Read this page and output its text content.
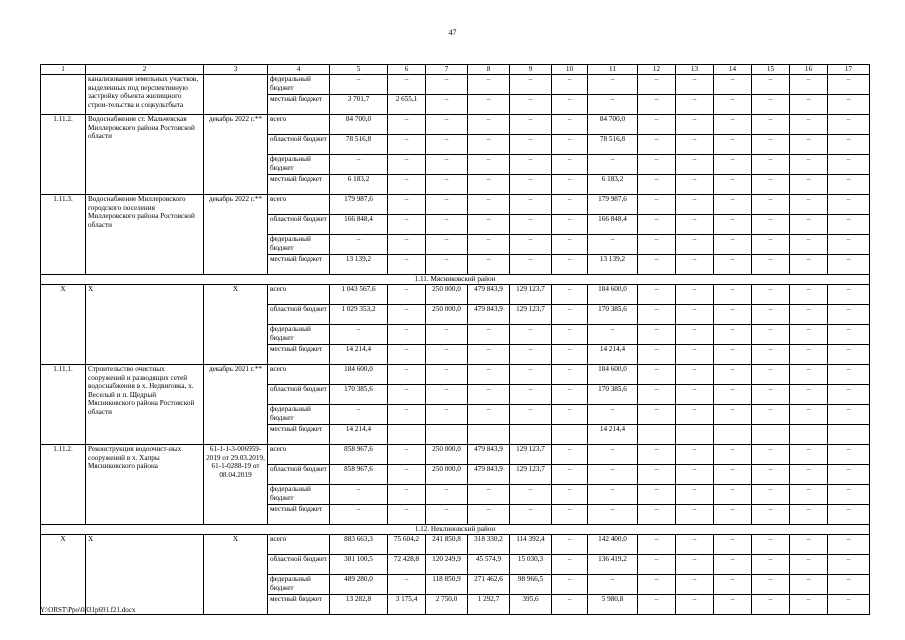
47
1	2	3	4	5	6	7	8	9	10	11	12	13	14	15	16	17
	канализования земельных участков, выделенных под перспективную застройку объекта жилищного строи-тельства и соцкультбыта		федеральный бюджет	–	–	–	–	–	–	–	–	–	–	–	–	–
			местный бюджет	3 701,7	2 655,1	–	–	–	–	–	–	–	–	–	–	–
1.11.2.	Водоснабжение ст. Мальчевская Миллеровского района Ростовской области	декабрь 2022 г.**	всего	84 700,0	–	–	–	–	–	84 700,0	–	–	–	–	–	–
			областной бюджет	78 516,8	–	–	–	–	–	78 516,8	–	–	–	–	–	–
			федеральный бюджет	–	–	–	–	–	–	–	–	–	–	–	–	–
			местный бюджет	6 183,2	–	–	–	–	–	6 183,2	–	–	–	–	–	–
1.11.3.	Водоснабжение Миллеровского городского поселения Миллеровского района Ростовской области	декабрь 2022 г.**	всего	179 987,6	–	–	–	–	–	179 987,6	–	–	–	–	–	–
			областной бюджет	166 848,4	–	–	–	–	–	166 848,4	–	–	–	–	–	–
			федеральный бюджет	–	–	–	–	–	–	–	–	–	–	–	–	–
			местный бюджет	13 139,2	–	–	–	–	–	13 139,2	–	–	–	–	–	–
1.11. Мясниковский район																
Х	Х	Х	всего	1 043 567,6	–	250 000,0	479 843,9	129 123,7	–	184 600,0	–	–	–	–	–	–
			областной бюджет	1 029 353,2	–	250 000,0	479 843,9	129 123,7	–	170 385,6	–	–	–	–	–	–
			федеральный бюджет	–	–	–	–	–	–	–	–	–	–	–	–	–
			местный бюджет	14 214,4	–	–	–	–	–	14 214,4	–	–	–	–	–	–
1.11.1.	Строительство очистных сооружений и разводящих сетей водоснабжения в х. Недвиговка, х. Веселый и п. Щедрый Мясниковского района Ростовской области	декабрь 2021 г.**	всего	184 600,0	–	–	–	–	–	184 600,0	–	–	–	–	–	–
			областной бюджет	170 385,6	–	–	–	–	–	170 385,6	–	–	–	–	–	–
			федеральный бюджет	–	–	–	–	–	–	–	–	–	–	–	–	–
			местный бюджет	14 214,4						14 214,4						
1.11.2.	Реконструкция водоочист-ных сооружений в х. Хапры Мясниковского района	61-1-1-3-006959-2019 от 29.03.2019, 61-1-0288-19 от 08.04.2019	всего	858 967,6	–	250 000,0	479 843,9	129 123,7	–	–	–	–	–	–	–	–
			областной бюджет	858 967,6	–	250 000,0	479 843,9	129 123,7	–	–	–	–	–	–	–	–
			федеральный бюджет	–	–	–	–	–	–	–	–	–	–	–	–	–
			местный бюджет	–	–	–	–	–	–	–	–	–	–	–	–	–
1.12. Неклиновский район																
Х	Х	Х	всего	883 663,3	75 604,2	241 850,8	318 330,2	114 392,4	–	142 400,0	–	–	–	–	–	–
			областной бюджет	381 100,5	72 428,8	120 249,9	45 574,9	15 030,3	–	136 419,2	–	–	–	–	–	–
			федеральный бюджет	489 280,0	–	118 850,9	271 462,6	98 966,5	–	–	–	–	–	–	–	–
			местный бюджет	13 282,8	3 175,4	2 750,0	1 292,7	395,6	–	5 980,8	–	–	–	–	–	–
Y:\ORST\Ppo\0831p691.f21.docx
